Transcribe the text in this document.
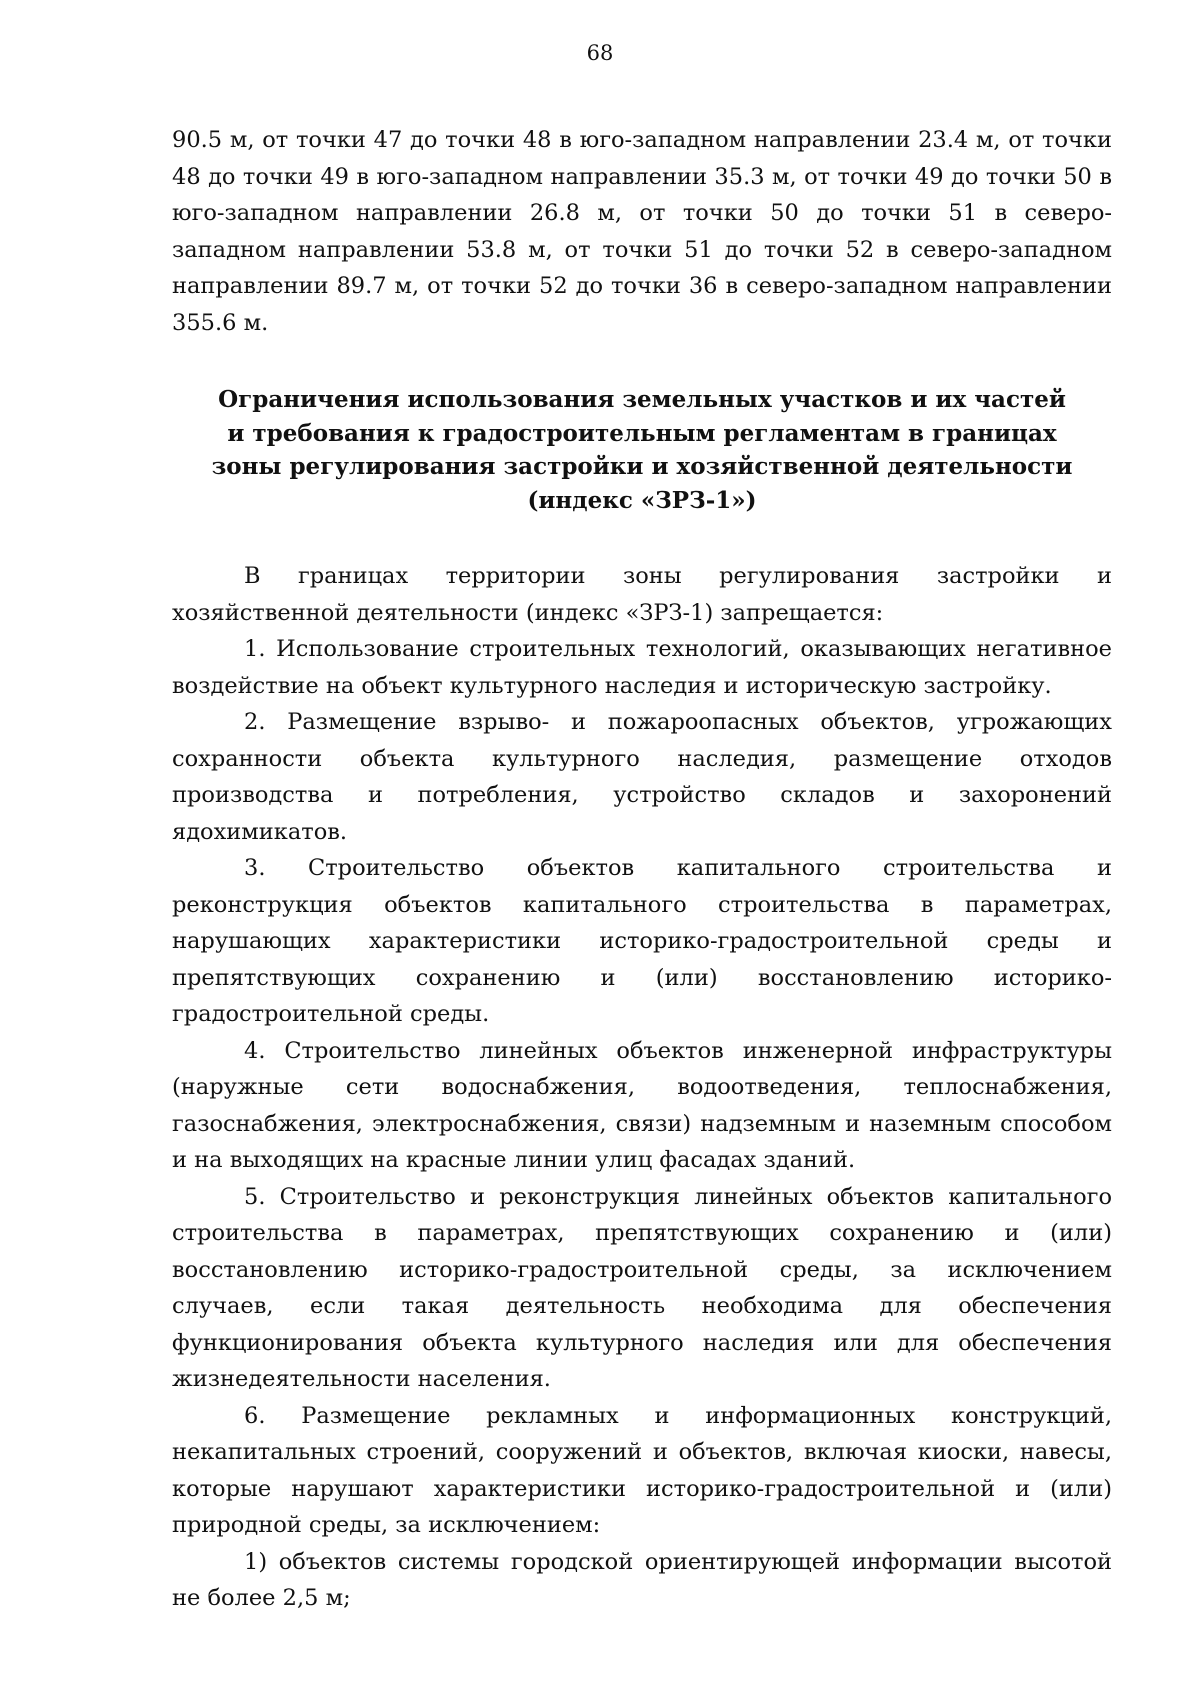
68

90.5 м, от точки 47 до точки 48 в юго-западном направлении 23.4 м, от точки 48 до точки 49 в юго-западном направлении 35.3 м, от точки 49 до точки 50 в юго-западном направлении 26.8 м, от точки 50 до точки 51 в северо-западном направлении 53.8 м, от точки 51 до точки 52 в северо-западном направлении 89.7 м, от точки 52 до точки 36 в северо-западном направлении 355.6 м.

Ограничения использования земельных участков и их частей
и требования к градостроительным регламентам в границах
зоны регулирования застройки и хозяйственной деятельности
(индекс «ЗРЗ-1»)

В границах территории зоны регулирования застройки и хозяйственной деятельности (индекс «ЗРЗ-1) запрещается:

1. Использование строительных технологий, оказывающих негативное воздействие на объект культурного наследия и историческую застройку.

2. Размещение взрыво- и пожароопасных объектов, угрожающих сохранности объекта культурного наследия, размещение отходов производства и потребления, устройство складов и захоронений ядохимикатов.

3. Строительство объектов капитального строительства и реконструкция объектов капитального строительства в параметрах, нарушающих характеристики историко-градостроительной среды и препятствующих сохранению и (или) восстановлению историко- градостроительной среды.

4. Строительство линейных объектов инженерной инфраструктуры (наружные сети водоснабжения, водоотведения, теплоснабжения, газоснабжения, электроснабжения, связи) надземным и наземным способом и на выходящих на красные линии улиц фасадах зданий.

5. Строительство и реконструкция линейных объектов капитального строительства в параметрах, препятствующих сохранению и (или) восстановлению историко-градостроительной среды, за исключением случаев, если такая деятельность необходима для обеспечения функционирования объекта культурного наследия или для обеспечения жизнедеятельности населения.

6. Размещение рекламных и информационных конструкций, некапитальных строений, сооружений и объектов, включая киоски, навесы, которые нарушают характеристики историко-градостроительной и (или) природной среды, за исключением:

1) объектов системы городской ориентирующей информации высотой не более 2,5 м;
